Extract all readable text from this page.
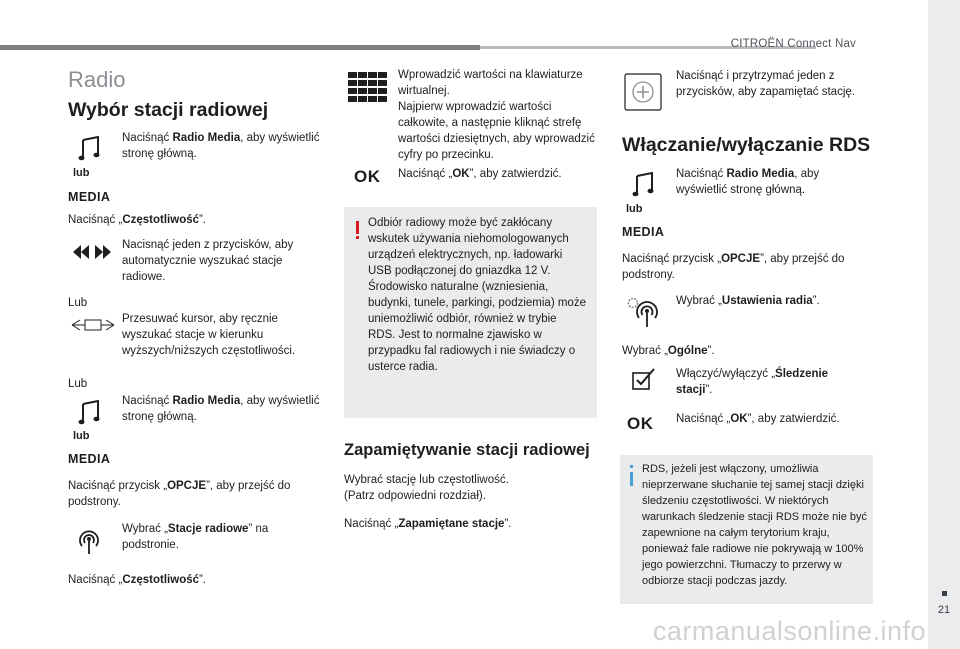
CITROËN Connect Nav
21
carmanualsonline.info
Radio
Wybór stacji radiowej
lub
MEDIA
Naciśnąć Radio Media, aby wyświetlić stronę główną.
Naciśnąć „Częstotliwość”.
Nacisnąć jeden z przycisków, aby automatycznie wyszukać stacje radiowe.
Lub
Przesuwać kursor, aby ręcznie wyszukać stacje w kierunku wyższych/niższych częstotliwości.
Lub
lub
MEDIA
Naciśnąć Radio Media, aby wyświetlić stronę główną.
Naciśnąć przycisk „OPCJE”, aby przejść do podstrony.
Wybrać „Stacje radiowe” na podstronie.
Naciśnąć „Częstotliwość”.
Wprowadzić wartości na klawiaturze wirtualnej.
Najpierw wprowadzić wartości całkowite, a następnie kliknąć strefę wartości dziesiętnych, aby wprowadzić cyfry po przecinku.
OK Naciśnąć „OK”, aby zatwierdzić.
Odbiór radiowy może być zakłócany wskutek używania niehomologowanych urządzeń elektrycznych, np. ładowarki USB podłączonej do gniazdka 12 V. Środowisko naturalne (wzniesienia, budynki, tunele, parkingi, podziemia) może uniemożliwić odbiór, również w trybie RDS. Jest to normalne zjawisko w przypadku fal radiowych i nie świadczy o usterce radia.
Zapamiętywanie stacji radiowej
Wybrać stację lub częstotliwość.
(Patrz odpowiedni rozdział).
Naciśnąć „Zapamiętane stacje”.
Naciśnąć i przytrzymać jeden z przycisków, aby zapamiętać stację.
Włączanie/wyłączanie RDS
lub
MEDIA
Naciśnąć Radio Media, aby wyświetlić stronę główną.
Naciśnąć przycisk „OPCJE”, aby przejść do podstrony.
Wybrać „Ustawienia radia”.
Wybrać „Ogólne”.
Włączyć/wyłączyć „Śledzenie stacji”.
OK Naciśnąć „OK”, aby zatwierdzić.
RDS, jeżeli jest włączony, umożliwia nieprzerwane słuchanie tej samej stacji dzięki śledzeniu częstotliwości. W niektórych warunkach śledzenie stacji RDS może nie być zapewnione na całym terytorium kraju, ponieważ fale radiowe nie pokrywają w 100% jego powierzchni. Tłumaczy to przerwy w odbiorze stacji podczas jazdy.
